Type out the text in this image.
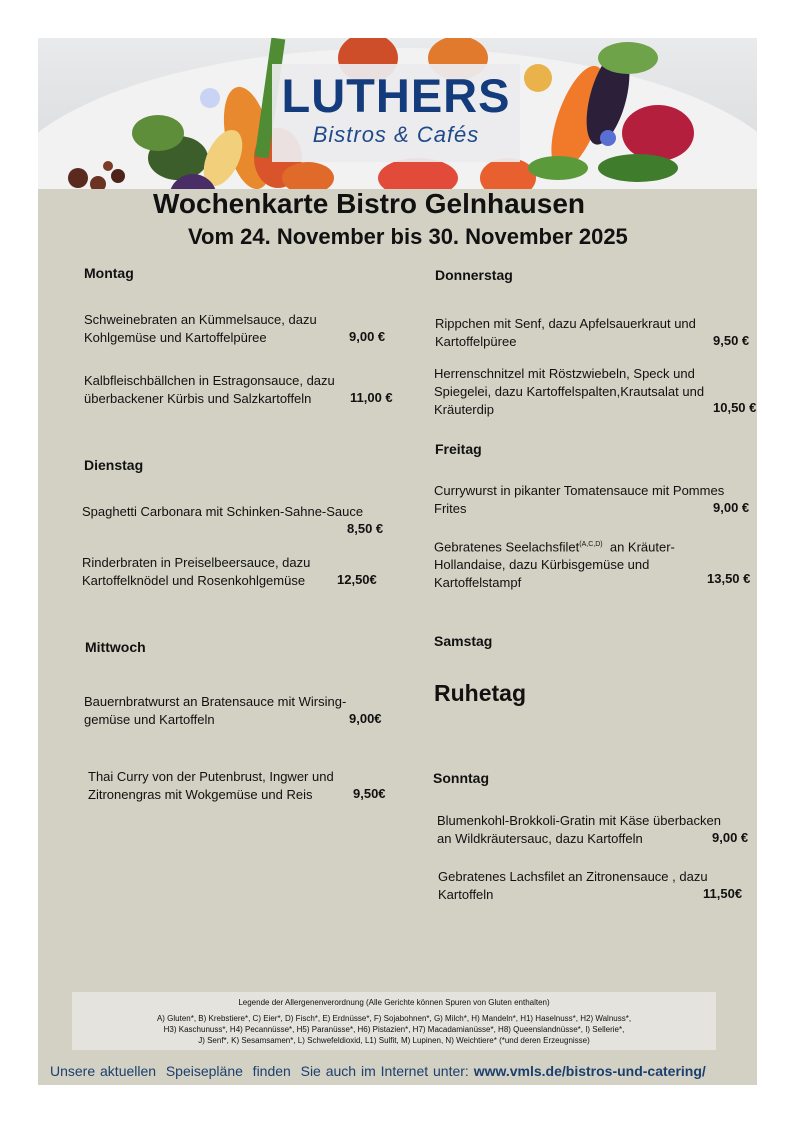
LUTHERS
Bistros & Cafés
Wochenkarte Bistro Gelnhausen
Vom 24. November bis 30. November 2025
Montag
Schweinebraten an Kümmelsauce, dazu
Kohlgemüse und Kartoffelpüree	9,00 €
Kalbfleischbällchen in Estragonsauce, dazu
überbackener Kürbis und Salzkartoffeln	11,00 €
Dienstag
Spaghetti Carbonara mit Schinken-Sahne-Sauce
8,50 €
Rinderbraten in Preiselbeersauce, dazu
Kartoffelknödel und Rosenkohlgemüse	12,50€
Mittwoch
Bauernbratwurst an Bratensauce mit Wirsing-
gemüse und Kartoffeln	9,00€
Thai Curry von der Putenbrust, Ingwer und
Zitronengras mit Wokgemüse und Reis	9,50€
Donnerstag
Rippchen mit Senf, dazu Apfelsauerkraut und
Kartoffelpüree	9,50 €
Herrenschnitzel mit Röstzwiebeln, Speck und
Spiegelei, dazu Kartoffelspalten,Krautsalat und
Kräuterdip	10,50 €
Freitag
Currywurst in pikanter Tomatensauce mit Pommes
Frites	9,00 €
Gebratenes Seelachsfilet$^{(A,C,D)}$  an Kräuter-
Hollandaise, dazu Kürbisgemüse und
Kartoffelstampf	13,50 €
Samstag
Ruhetag
Sonntag
Blumenkohl-Brokkoli-Gratin mit Käse überbacken
an Wildkräutersauc, dazu Kartoffeln	9,00 €
Gebratenes Lachsfilet an Zitronensauce , dazu
Kartoffeln	11,50€
Legende der Allergenenverordnung (Alle Gerichte können Spuren von Gluten enthalten)
A) Gluten*, B) Krebstiere*, C) Eier*, D) Fisch*, E) Erdnüsse*, F) Sojabohnen*, G) Milch*, H) Mandeln*, H1) Haselnuss*, H2) Walnuss*,
H3) Kaschunuss*, H4) Pecannüsse*, H5) Paranüsse*, H6) Pistazien*, H7) Macadamianüsse*, H8) Queenslandnüsse*, I) Sellerie*,
J) Senf*, K) Sesamsamen*, L) Schwefeldioxid, L1) Sulfit, M) Lupinen, N) Weichtiere* (*und deren Erzeugnisse)
Unsere aktuellen  Speisepläne  finden  Sie auch im Internet unter: www.vmls.de/bistros-und-catering/
